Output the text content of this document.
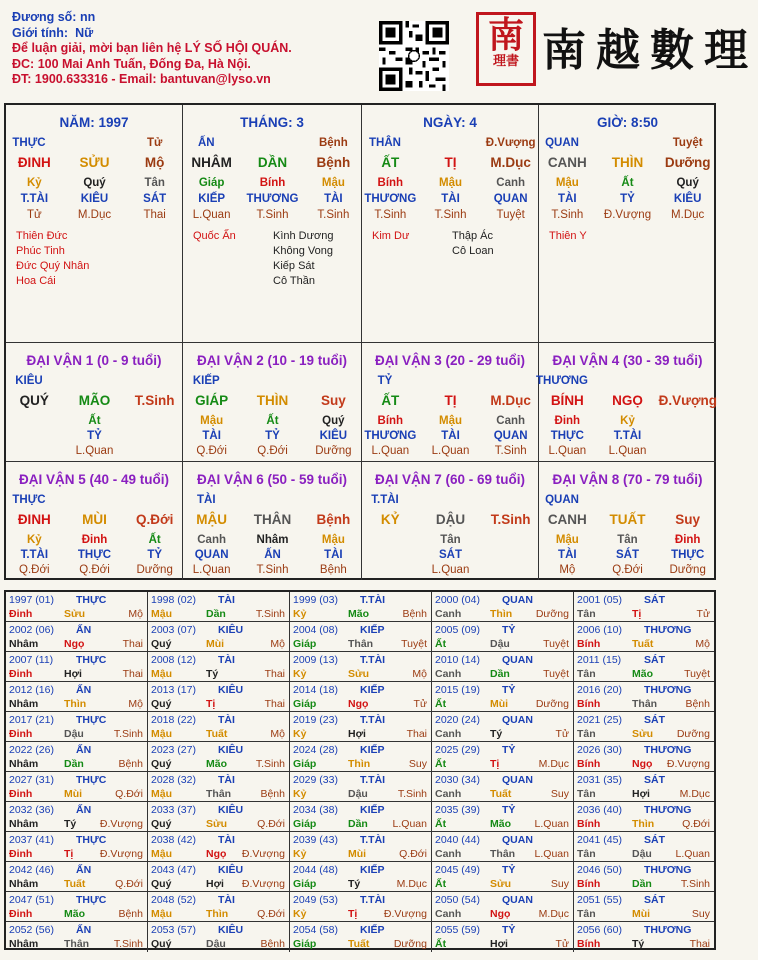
Đương số: nn
Giới tính: Nữ
Để luận giải, mời bạn liên hệ LÝ SỐ HỘI QUÁN.
ĐC: 100 Mai Anh Tuấn, Đống Đa, Hà Nội.
ĐT: 1900.633316 - Email: bantuvan@lyso.vn
南
理書 南越數理
NĂM: 1997
THỰC	Tử
ĐINH	SỬU	Mộ
Kỷ	Quý	Tân
T.TÀI	KIÊU	SÁT
Tử	M.Dục	Thai
Thiên Đức
Phúc Tinh
Đức Quý Nhân
Hoa Cái
THÁNG: 3
ẤN	Bệnh
NHÂM	DẦN	Bệnh
Giáp	Bính	Mậu
KIẾP	THƯƠNG	TÀI
L.Quan	T.Sinh	T.Sinh
Quốc Ấn	Kình Dương
Không Vong
Kiếp Sát
Cô Thần
NGÀY: 4
THÂN	Đ.Vượng
ẤT	TỊ	M.Dục
Bính	Mậu	Canh
THƯƠNG	TÀI	QUAN
T.Sinh	T.Sinh	Tuyệt
Kim Dư	Thập Ác
Cô Loan
GIỜ: 8:50
QUAN	Tuyệt
CANH	THÌN	Dưỡng
Mậu	Ất	Quý
TÀI	TỶ	KIÊU
T.Sinh	Đ.Vượng	M.Dục
Thiên Y
ĐẠI VẬN 1 (0 - 9 tuổi)
KIÊU
QUÝ	MÃO	T.Sinh
Ất
TỶ
L.Quan
ĐẠI VẬN 2 (10 - 19 tuổi)
KIẾP
GIÁP	THÌN	Suy
Mậu	Ất	Quý
TÀI	TỶ	KIÊU
Q.Đới	Q.Đới	Dưỡng
ĐẠI VẬN 3 (20 - 29 tuổi)
TỶ
ẤT	TỊ	M.Dục
Bính	Mậu	Canh
THƯƠNG	TÀI	QUAN
L.Quan	L.Quan	T.Sinh
ĐẠI VẬN 4 (30 - 39 tuổi)
THƯƠNG
BÍNH	NGỌ	Đ.Vượng
Đinh	Kỷ
THỰC	T.TÀI
L.Quan	L.Quan
ĐẠI VẬN 5 (40 - 49 tuổi)
THỰC
ĐINH	MÙI	Q.Đới
Kỷ	Đinh	Ất
T.TÀI	THỰC	TỶ
Q.Đới	Q.Đới	Dưỡng
ĐẠI VẬN 6 (50 - 59 tuổi)
TÀI
MẬU	THÂN	Bệnh
Canh	Nhâm	Mậu
QUAN	ẤN	TÀI
L.Quan	T.Sinh	Bệnh
ĐẠI VẬN 7 (60 - 69 tuổi)
T.TÀI
KỶ	DẬU	T.Sinh
Tân
SÁT
L.Quan
ĐẠI VẬN 8 (70 - 79 tuổi)
QUAN
CANH	TUẤT	Suy
Mậu	Tân	Đinh
TÀI	SÁT	THỰC
Mộ	Q.Đới	Dưỡng
1997 (01) THỰC
Đinh	Sửu	Mộ
1998 (02) TÀI
Mậu	Dần	T.Sinh
1999 (03) T.TÀI
Kỷ	Mão	Bệnh
2000 (04) QUAN
Canh	Thìn Dưỡng
2001 (05) SÁT
Tân	Tị	Tử
2002 (06) ẤN
Nhâm Ngọ	Thai
2003 (07) KIÊU
Quý	Mùi	Mộ
2004 (08) KIẾP
Giáp	Thân	Tuyệt
2005 (09) TỶ
Ất	Dậu	Tuyệt
2006 (10) THƯƠNG
Bính	Tuất	Mộ
2007 (11) THỰC
Đinh	Hợi	Thai
2008 (12) TÀI
Mậu	Tý	Thai
2009 (13) T.TÀI
Kỷ	Sửu	Mộ
2010 (14) QUAN
Canh	Dần	Tuyệt
2011 (15) SÁT
Tân	Mão	Tuyệt
2012 (16) ẤN
Nhâm Thìn	Mộ
2013 (17) KIÊU
Quý	Tị	Thai
2014 (18) KIẾP
Giáp	Ngọ	Tử
2015 (19) TỶ
Ất	Mùi	Dưỡng
2016 (20) THƯƠNG
Bính	Thân	Bệnh
2017 (21) THỰC
Đinh	Dậu	T.Sinh
2018 (22) TÀI
Mậu	Tuất	Mộ
2019 (23) T.TÀI
Kỷ	Hợi	Thai
2020 (24) QUAN
Canh	Tý	Tử
2021 (25) SÁT
Tân	Sửu Dưỡng
2022 (26) ẤN
Nhâm Dần	Bệnh
2023 (27) KIÊU
Quý	Mão	T.Sinh
2024 (28) KIẾP
Giáp	Thìn	Suy
2025 (29) TỶ
Ất	Tị	M.Dục
2026 (30) THƯƠNG
Bính	Ngọ Đ.Vượng
2027 (31) THỰC
Đinh	Mùi	Q.Đới
2028 (32) TÀI
Mậu	Thân	Bệnh
2029 (33) T.TÀI
Kỷ	Dậu	T.Sinh
2030 (34) QUAN
Canh	Tuất	Suy
2031 (35) SÁT
Tân	Hợi	M.Dục
2032 (36) ẤN
Nhâm Tý Đ.Vượng
2033 (37) KIÊU
Quý	Sửu	Q.Đới
2034 (38) KIẾP
Giáp	Dần L.Quan
2035 (39) TỶ
Ất	Mão L.Quan
2036 (40) THƯƠNG
Bính	Thìn	Q.Đới
2037 (41) THỰC
Đinh	Tị	Đ.Vượng
2038 (42) TÀI
Mậu	Ngọ Đ.Vượng
2039 (43) T.TÀI
Kỷ	Mùi	Q.Đới
2040 (44) QUAN
Canh	Thân L.Quan
2041 (45) SÁT
Tân	Dậu L.Quan
2042 (46) ẤN
Nhâm Tuất	Q.Đới
2043 (47) KIÊU
Quý	Hợi Đ.Vượng
2044 (48) KIẾP
Giáp	Tý	M.Dục
2045 (49) TỶ
Ất	Sửu	Suy
2046 (50) THƯƠNG
Bính	Dần	T.Sinh
2047 (51) THỰC
Đinh	Mão	Bệnh
2048 (52) TÀI
Mậu	Thìn	Q.Đới
2049 (53) T.TÀI
Kỷ	Tị	Đ.Vượng
2050 (54) QUAN
Canh	Ngọ	M.Dục
2051 (55) SÁT
Tân	Mùi	Suy
2052 (56) ẤN
Nhâm Thân T.Sinh
2053 (57) KIÊU
Quý	Dậu	Bệnh
2054 (58) KIẾP
Giáp	Tuất Dưỡng
2055 (59) TỶ
Ất	Hợi	Tử
2056 (60) THƯƠNG
Bính	Tý	Thai
